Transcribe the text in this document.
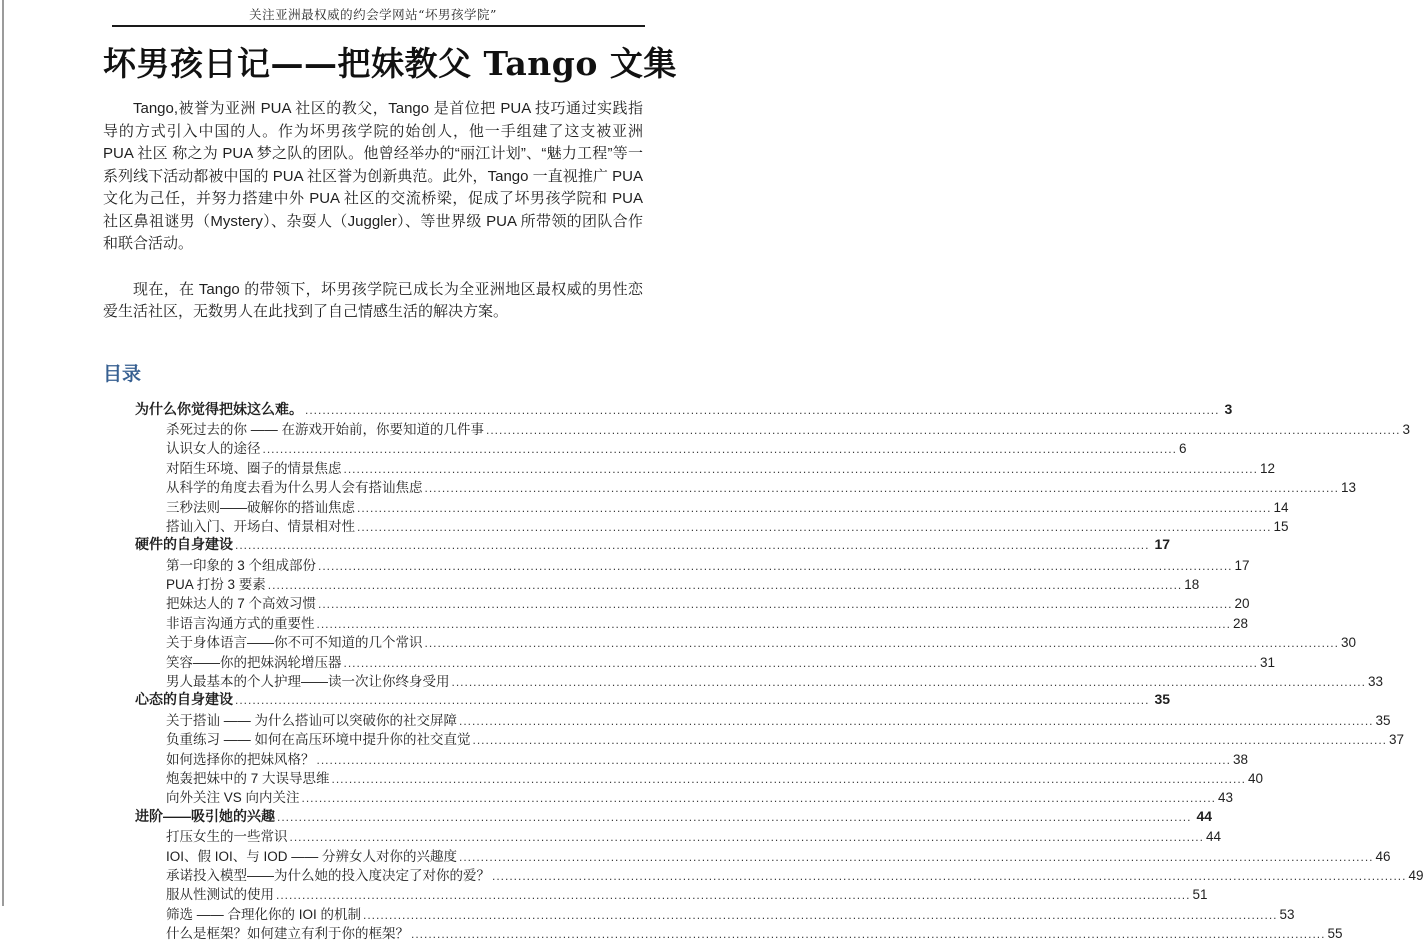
关注亚洲最权威的约会学网站“坏男孩学院”
坏男孩日记——把妹教父 Tango 文集

Tango,被誉为亚洲 PUA 社区的教父，Tango 是首位把 PUA 技巧通过实践指导的方式引入中国的人。作为坏男孩学院的始创人，他一手组建了这支被亚洲 PUA 社区 称之为 PUA 梦之队的团队。他曾经举办的“丽江计划”、“魅力工程”等一系列线下活动都被中国的 PUA 社区誉为创新典范。此外，Tango 一直视推广 PUA 文化为己任，并努力搭建中外 PUA 社区的交流桥梁，促成了坏男孩学院和 PUA 社区鼻祖谜男（Mystery）、杂耍人（Juggler）、等世界级 PUA 所带领的团队合作和联合活动。

现在，在 Tango 的带领下，坏男孩学院已成长为全亚洲地区最权威的男性恋爱生活社区，无数男人在此找到了自己情感生活的解决方案。

目录
为什么你觉得把妹这么难。 .....	3
杀死过去的你 —— 在游戏开始前，你要知道的几件事 .....	3
认识女人的途径 .....	6
对陌生环境、圈子的情景焦虑 .....	12
从科学的角度去看为什么男人会有搭讪焦虑 .....	13
三秒法则——破解你的搭讪焦虑 .....	14
搭讪入门、开场白、情景相对性 .....	15
硬件的自身建设 .....	17
第一印象的 3 个组成部份 .....	17
PUA 打扮 3 要素 .....	18
把妹达人的 7 个高效习惯 .....	20
非语言沟通方式的重要性 .....	28
关于身体语言——你不可不知道的几个常识 .....	30
笑容——你的把妹涡轮增压器 .....	31
男人最基本的个人护理——读一次让你终身受用 .....	33
心态的自身建设 .....	35
关于搭讪 —— 为什么搭讪可以突破你的社交屏障 .....	35
负重练习 —— 如何在高压环境中提升你的社交直觉 .....	37
如何选择你的把妹风格？ .....	38
炮轰把妹中的 7 大误导思维 .....	40
向外关注 VS 向内关注 .....	43
进阶——吸引她的兴趣 .....	44
打压女生的一些常识 .....	44
IOI、假 IOI、与 IOD —— 分辨女人对你的兴趣度 .....	46
承诺投入模型——为什么她的投入度决定了对你的爱？ .....	49
服从性测试的使用 .....	51
筛选 —— 合理化你的 IOI 的机制 .....	53
什么是框架？如何建立有利于你的框架？ .....	55
